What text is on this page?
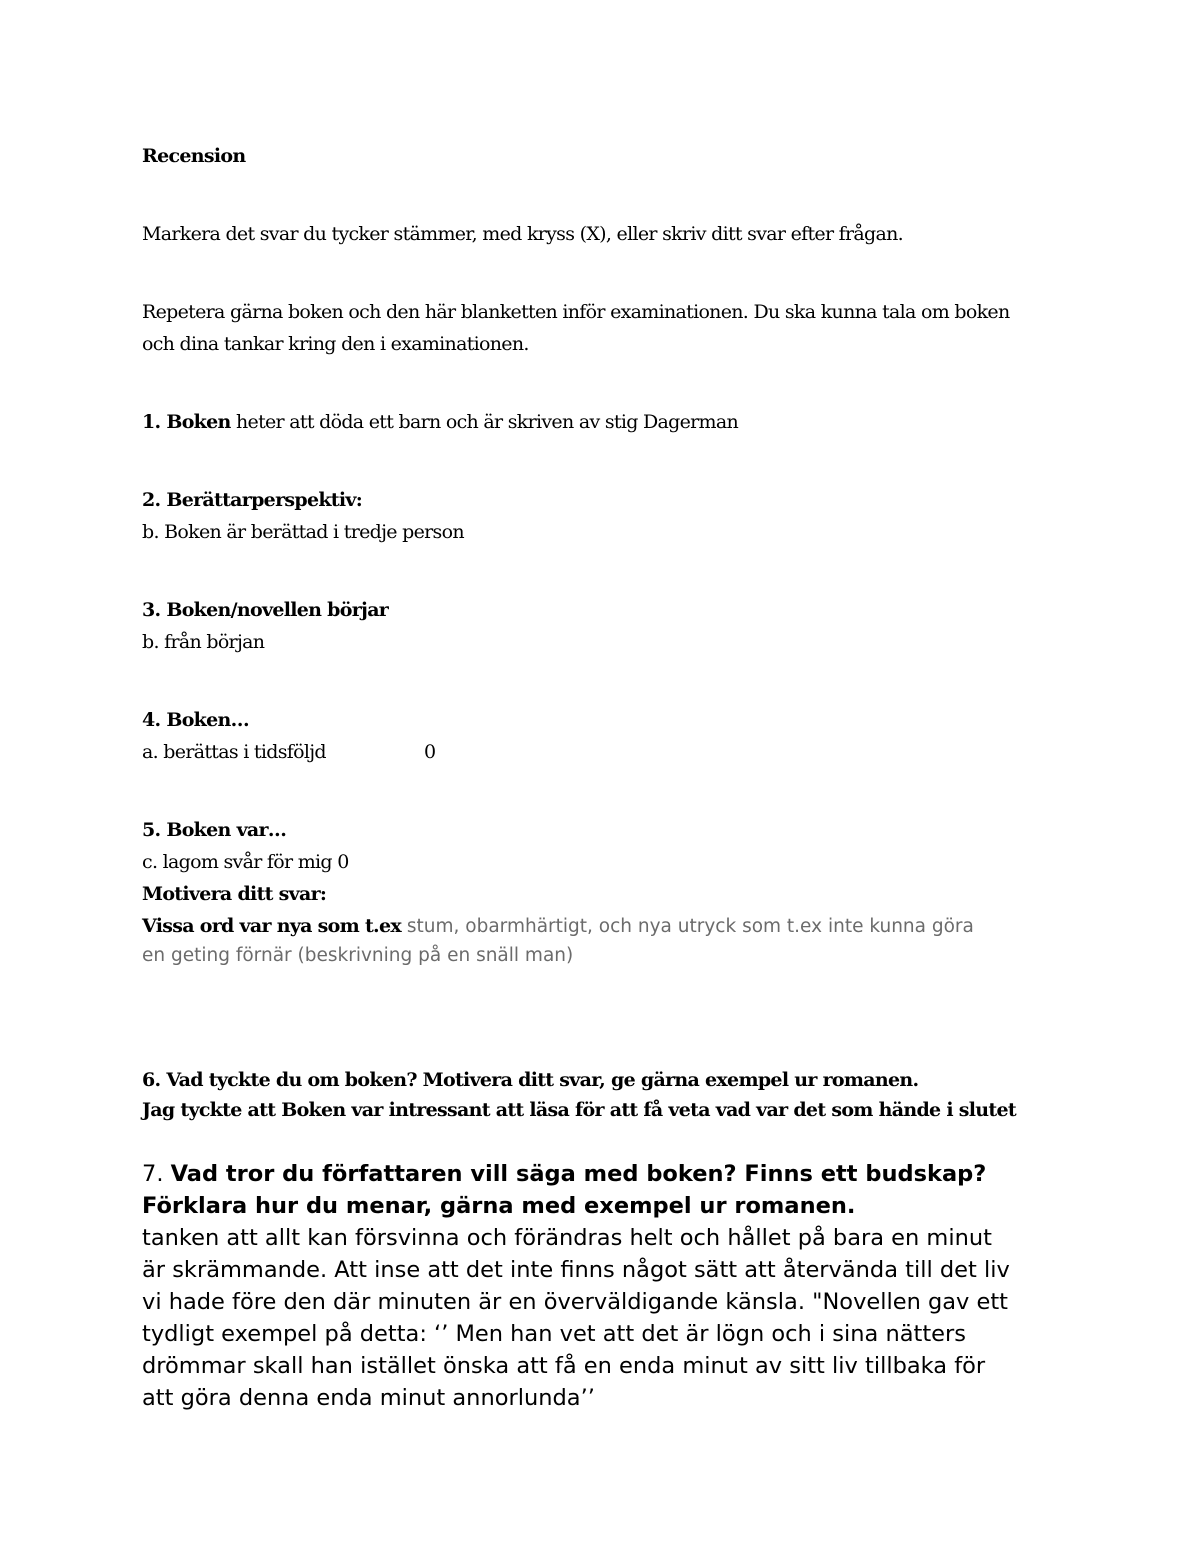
Recension
Markera det svar du tycker stämmer, med kryss (X), eller skriv ditt svar efter frågan.
Repetera gärna boken och den här blanketten inför examinationen. Du ska kunna tala om boken
och dina tankar kring den i examinationen.
1. Boken heter att döda ett barn och är skriven av stig Dagerman
2. Berättarperspektiv:
b. Boken är berättad i tredje person
3. Boken/novellen börjar
b. från början
4. Boken…
a. berättas i tidsföljd	0
5. Boken var…
c. lagom svår för mig 0
Motivera ditt svar:
Vissa ord var nya som t.ex stum, obarmhärtigt, och nya utryck som t.ex inte kunna göra
en geting förnär (beskrivning på en snäll man)
6. Vad tyckte du om boken? Motivera ditt svar, ge gärna exempel ur romanen.
Jag tyckte att Boken var intressant att läsa för att få veta vad var det som hände i slutet
7. Vad tror du författaren vill säga med boken? Finns ett budskap?
Förklara hur du menar, gärna med exempel ur romanen.
tanken att allt kan försvinna och förändras helt och hållet på bara en minut
är skrämmande. Att inse att det inte finns något sätt att återvända till det liv
vi hade före den där minuten är en överväldigande känsla. "Novellen gav ett
tydligt exempel på detta: ‘’ Men han vet att det är lögn och i sina nätters
drömmar skall han istället önska att få en enda minut av sitt liv tillbaka för
att göra denna enda minut annorlunda’’
